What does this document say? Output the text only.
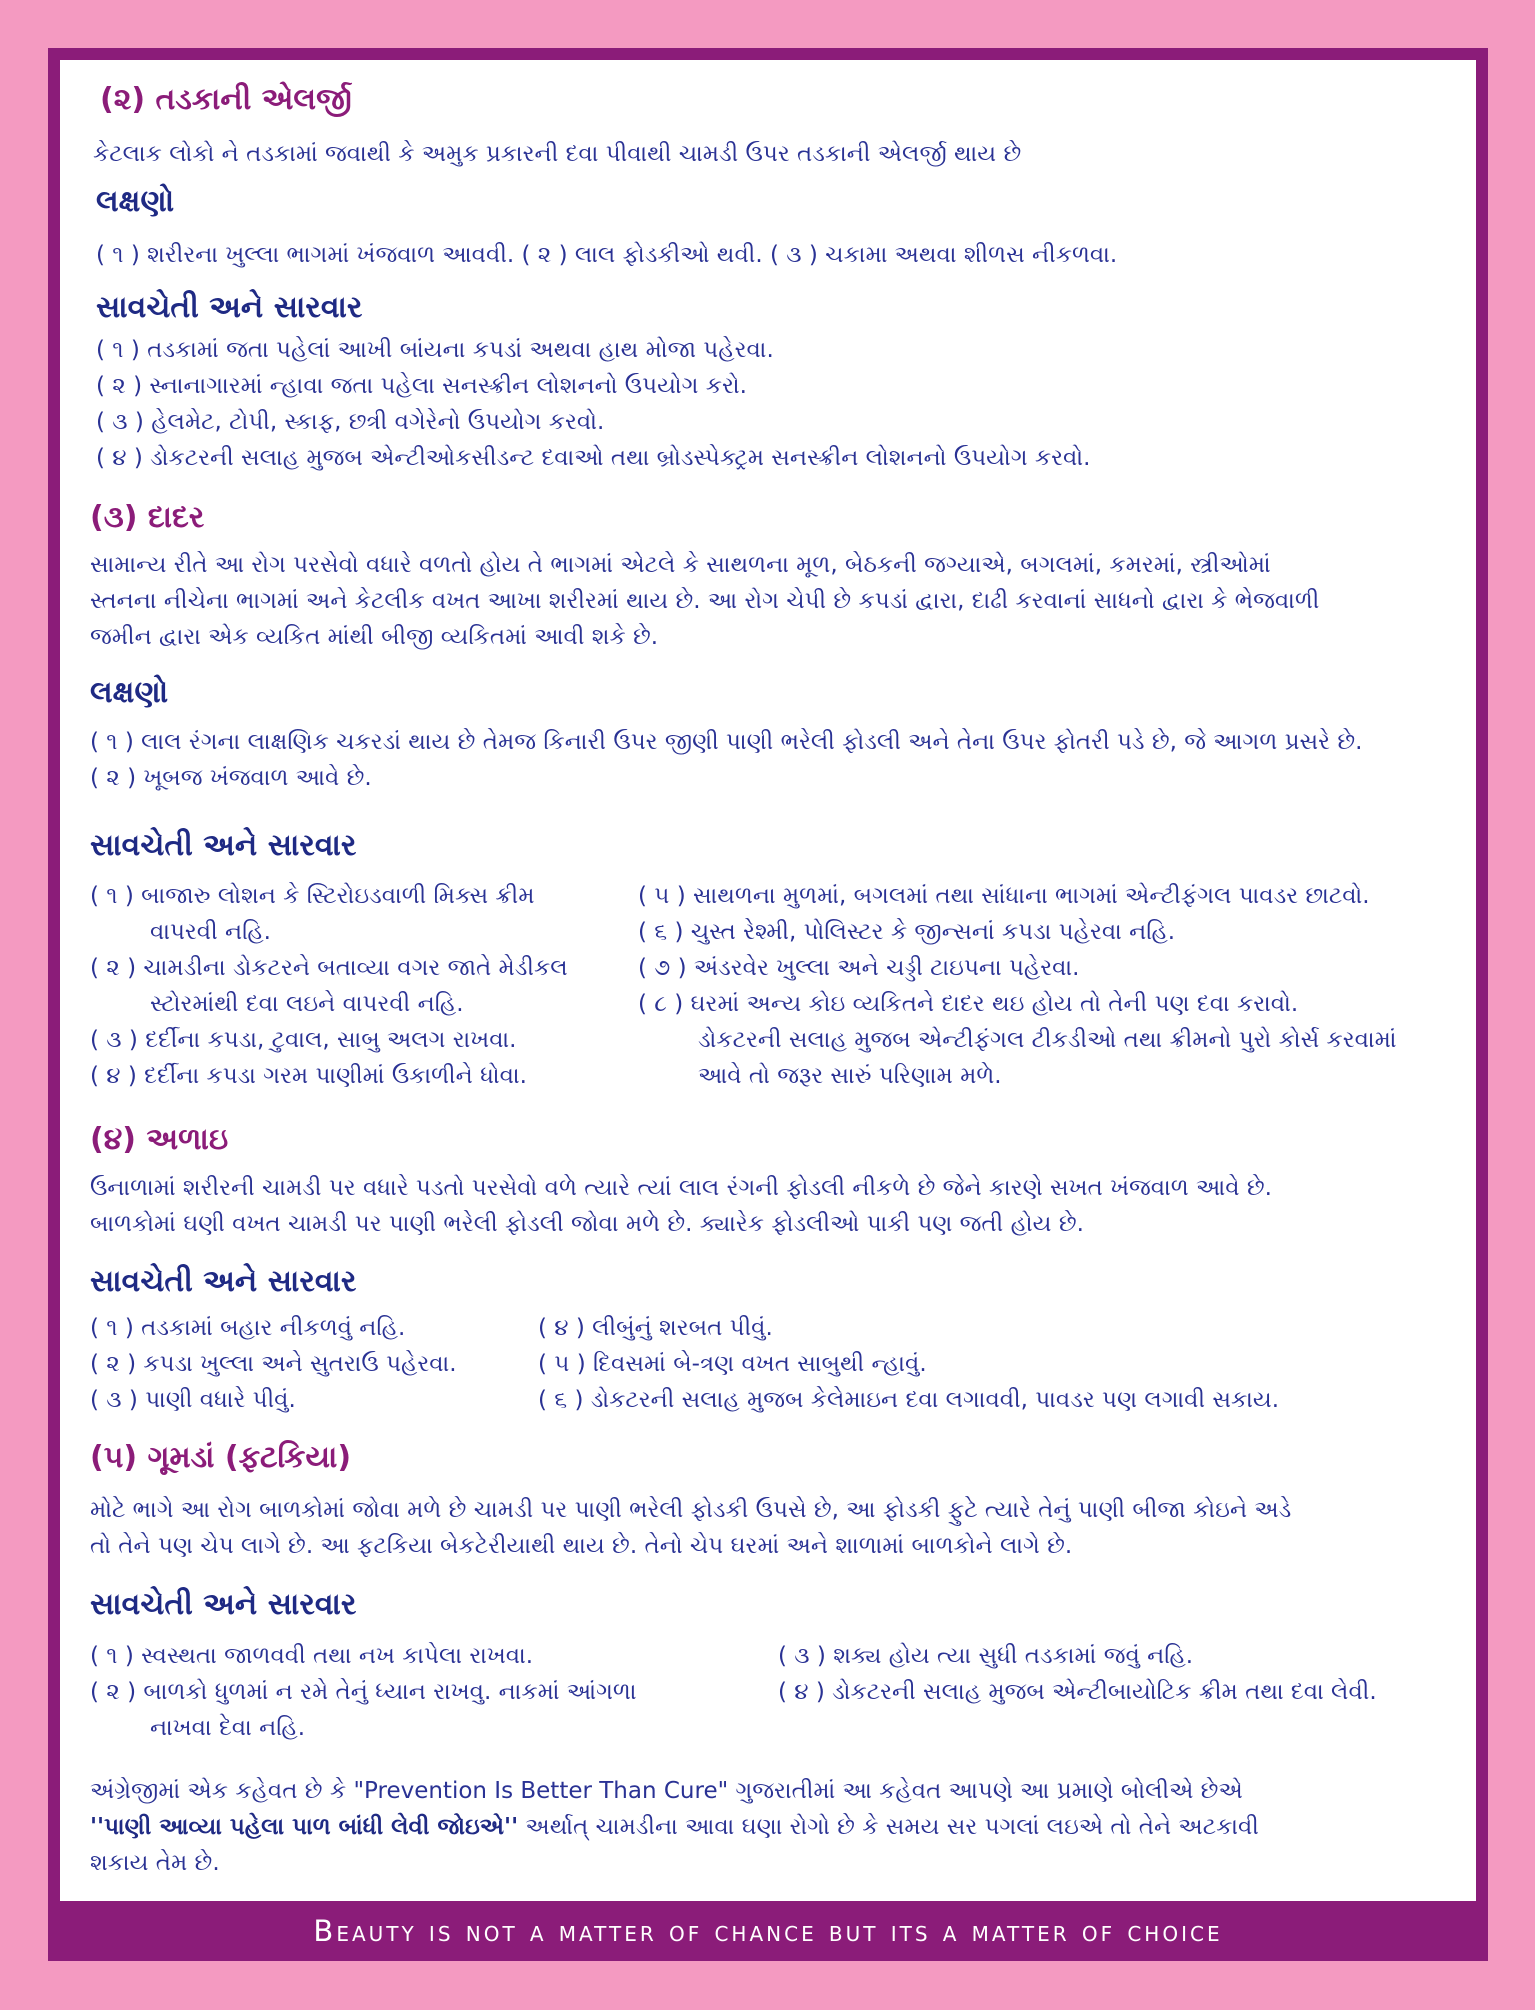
(૨) તડકાની એલર્જી
કેટલાક લોકો ને તડકામાં જવાથી કે અમુક પ્રકારની દવા પીવાથી ચામડી ઉપર તડકાની એલર્જી થાય છે
લક્ષણો
( ૧ ) શરીરના ખુલ્લા ભાગમાં ખંજવાળ આવવી. ( ૨ ) લાલ ફોડકીઓ થવી. ( ૩ ) ચકામા અથવા શીળસ નીકળવા.
સાવચેતી અને સારવાર
( ૧ ) તડકામાં જતા પહેલાં આખી બાંયના કપડાં અથવા હાથ મોજા પહેરવા.
( ૨ ) સ્નાનાગારમાં ન્હાવા જતા પહેલા સનસ્ક્રીન લોશનનો ઉપયોગ કરો.
( ૩ ) હેલમેટ, ટોપી, સ્કાફ, છત્રી વગેરેનો ઉપયોગ કરવો.
( ૪ ) ડોકટરની સલાહ મુજબ એન્ટીઓકસીડન્ટ દવાઓ તથા બ્રોડસ્પેક્ટ્રમ સનસ્ક્રીન લોશનનો ઉપયોગ કરવો.
(૩) દાદર
સામાન્ય રીતે આ રોગ પરસેવો વધારે વળતો હોય તે ભાગમાં એટલે કે સાથળના મૂળ, બેઠકની જગ્યાએ, બગલમાં, કમરમાં, સ્ત્રીઓમાં
સ્તનના નીચેના ભાગમાં અને કેટલીક વખત આખા શરીરમાં થાય છે. આ રોગ ચેપી છે કપડાં દ્વારા, દાઢી કરવાનાં સાધનો દ્વારા કે ભેજવાળી
જમીન દ્વારા એક વ્યકિત માંથી બીજી વ્યકિતમાં આવી શકે છે.
લક્ષણો
( ૧ ) લાલ રંગના લાક્ષણિક ચકરડાં થાય છે તેમજ કિનારી ઉપર જીણી પાણી ભરેલી ફોડલી અને તેના ઉપર ફોતરી પડે છે, જે આગળ પ્રસરે છે.
( ૨ ) ખૂબજ ખંજવાળ આવે છે.
સાવચેતી અને સારવાર
( ૧ ) બાજારુ લોશન કે સ્ટિરોઇડવાળી મિક્સ ક્રીમ
વાપરવી નહિ.
( ૨ ) ચામડીના ડોકટરને બતાવ્યા વગર જાતે મેડીકલ
સ્ટોરમાંથી દવા લઇને વાપરવી નહિ.
( ૩ ) દર્દીના કપડા, ટુવાલ, સાબુ અલગ રાખવા.
( ૪ ) દર્દીના કપડા ગરમ પાણીમાં ઉકાળીને ધોવા.
( ૫ ) સાથળના મુળમાં, બગલમાં તથા સાંધાના ભાગમાં એન્ટીફંગલ પાવડર છાટવો.
( ૬ ) ચુસ્ત રેશ્મી, પોલિસ્ટર કે જીન્સનાં કપડા પહેરવા નહિ.
( ૭ ) અંડરવેર ખુલ્લા અને ચડ્ડી ટાઇપના પહેરવા.
( ૮ ) ઘરમાં અન્ય કોઇ વ્યકિતને દાદર થઇ હોય તો તેની પણ દવા કરાવો.
ડોકટરની સલાહ મુજબ એન્ટીફંગલ ટીકડીઓ તથા ક્રીમનો પુરો કોર્સ કરવામાં
આવે તો જરૂર સારું પરિણામ મળે.
(૪) અળાઇ
ઉનાળામાં શરીરની ચામડી પર વધારે પડતો પરસેવો વળે ત્યારે ત્યાં લાલ રંગની ફોડલી નીકળે છે જેને કારણે સખત ખંજવાળ આવે છે.
બાળકોમાં ઘણી વખત ચામડી પર પાણી ભરેલી ફોડલી જોવા મળે છે. ક્યારેક ફોડલીઓ પાકી પણ જતી હોય છે.
સાવચેતી અને સારવાર
( ૧ ) તડકામાં બહાર નીકળવું નહિ.
( ૨ ) કપડા ખુલ્લા અને સુતરાઉ પહેરવા.
( ૩ ) પાણી વધારે પીવું.
( ૪ ) લીબુંનું શરબત પીવું.
( ૫ ) દિવસમાં બે-ત્રણ વખત સાબુથી ન્હાવું.
( ૬ ) ડોકટરની સલાહ મુજબ કેલેમાઇન દવા લગાવવી, પાવડર પણ લગાવી સકાય.
(૫) ગૂમડાં (ફટકિયા)
મોટે ભાગે આ રોગ બાળકોમાં જોવા મળે છે ચામડી પર પાણી ભરેલી ફોડકી ઉપસે છે, આ ફોડકી ફુટે ત્યારે તેનું પાણી બીજા કોઇને અડે
તો તેને પણ ચેપ લાગે છે. આ ફટકિયા બેકટેરીયાથી થાય છે. તેનો ચેપ ઘરમાં અને શાળામાં બાળકોને લાગે છે.
સાવચેતી અને સારવાર
( ૧ ) સ્વસ્થતા જાળવવી તથા નખ કાપેલા રાખવા.
( ૨ ) બાળકો ધુળમાં ન રમે તેનું ધ્યાન રાખવુ. નાકમાં આંગળા
નાખવા દેવા નહિ.
( ૩ ) શક્ય હોય ત્યા સુધી તડકામાં જવું નહિ.
( ૪ ) ડોકટરની સલાહ મુજબ એન્ટીબાયોટિક ક્રીમ તથા દવા લેવી.
અંગ્રેજીમાં એક કહેવત છે કે "Prevention Is Better Than Cure" ગુજરાતીમાં આ કહેવત આપણે આ પ્રમાણે બોલીએ છેએ
''પાણી આવ્યા પહેલા પાળ બાંધી લેવી જોઇએ'' અર્થાત્ ચામડીના આવા ઘણા રોગો છે કે સમય સર પગલાં લઇએ તો તેને અટકાવી
શકાય તેમ છે.
Beauty is not a matter of chance but its a matter of choice
